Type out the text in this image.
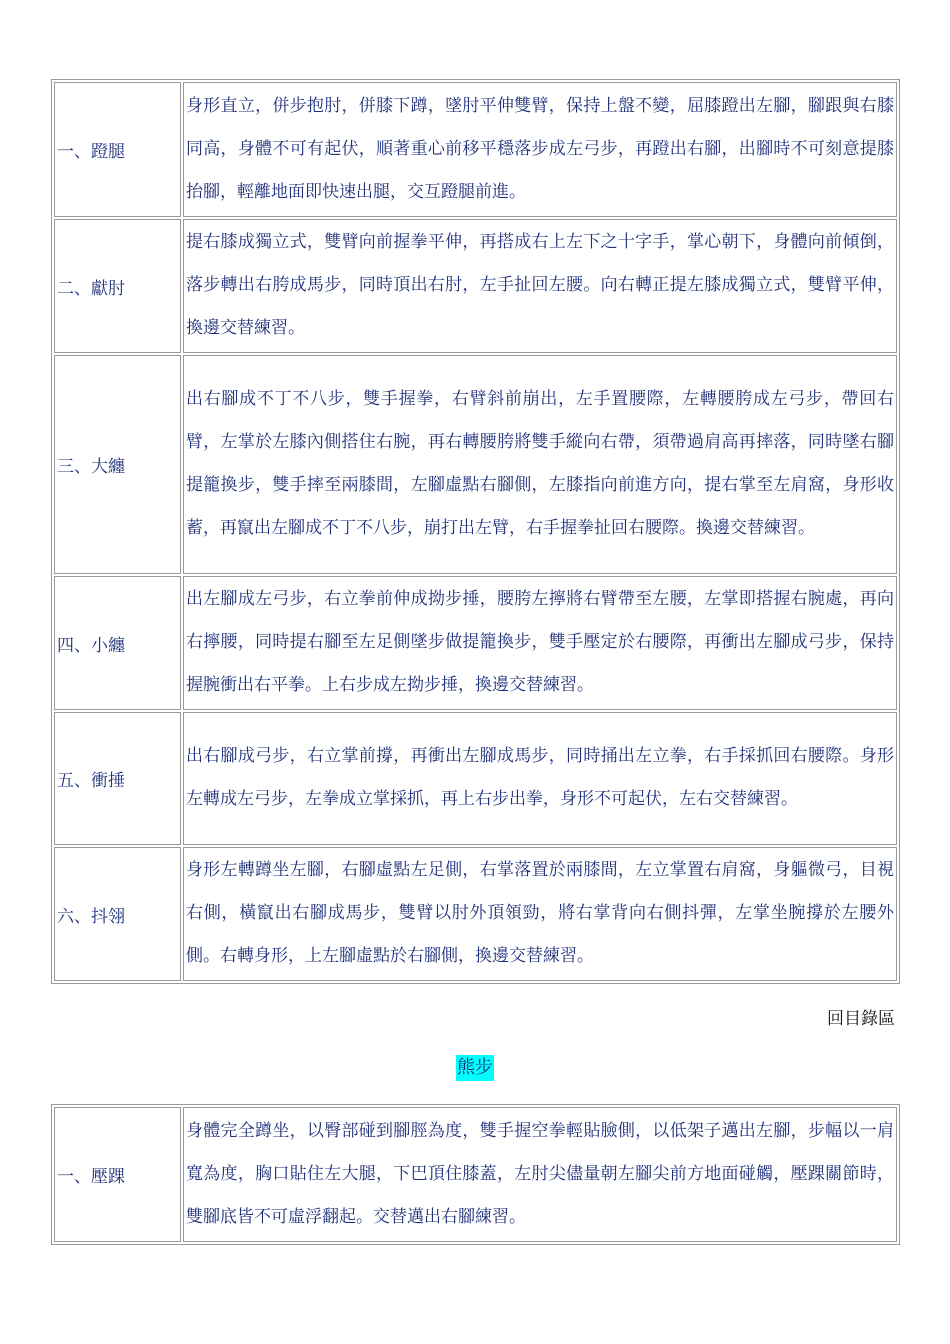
·
一、蹬腿	身形直立，併步抱肘，併膝下蹲，墜肘平伸雙臂，保持上盤不變，屈膝蹬出左腳，腳跟與右膝同高，身體不可有起伏，順著重心前移平穩落步成左弓步，再蹬出右腳，出腳時不可刻意提膝抬腳，輕離地面即快速出腿，交互蹬腿前進。
二、獻肘	提右膝成獨立式，雙臂向前握拳平伸，再搭成右上左下之十字手，掌心朝下，身體向前傾倒，落步轉出右胯成馬步，同時頂出右肘，左手扯回左腰。向右轉正提左膝成獨立式，雙臂平伸，換邊交替練習。
三、大纏	出右腳成不丁不八步，雙手握拳，右臂斜前崩出，左手置腰際，左轉腰胯成左弓步，帶回右臂，左掌於左膝內側搭住右腕，再右轉腰胯將雙手縱向右帶，須帶過肩高再摔落，同時墜右腳提籠換步，雙手摔至兩膝間，左腳虛點右腳側，左膝指向前進方向，提右掌至左肩窩，身形收蓄，再竄出左腳成不丁不八步，崩打出左臂，右手握拳扯回右腰際。換邊交替練習。
四、小纏	出左腳成左弓步，右立拳前伸成拗步捶，腰胯左擰將右臂帶至左腰，左掌即搭握右腕處，再向右擰腰，同時提右腳至左足側墜步做提籠換步，雙手壓定於右腰際，再衝出左腳成弓步，保持握腕衝出右平拳。上右步成左拗步捶，換邊交替練習。
五、衝捶	出右腳成弓步，右立掌前撐，再衝出左腳成馬步，同時捅出左立拳，右手採抓回右腰際。身形左轉成左弓步，左拳成立掌採抓，再上右步出拳，身形不可起伏，左右交替練習。
六、抖翎	身形左轉蹲坐左腳，右腳虛點左足側，右掌落置於兩膝間，左立掌置右肩窩，身軀微弓，目視右側，橫竄出右腳成馬步，雙臂以肘外頂領勁，將右掌背向右側抖彈，左掌坐腕撐於左腰外側。右轉身形，上左腳虛點於右腳側，換邊交替練習。
回目錄區
熊步
一、壓踝	身體完全蹲坐，以臀部碰到腳脛為度，雙手握空拳輕貼臉側，以低架子邁出左腳，步幅以一肩寬為度，胸口貼住左大腿，下巴頂住膝蓋，左肘尖儘量朝左腳尖前方地面碰觸，壓踝關節時，雙腳底皆不可虛浮翻起。交替邁出右腳練習。
·
